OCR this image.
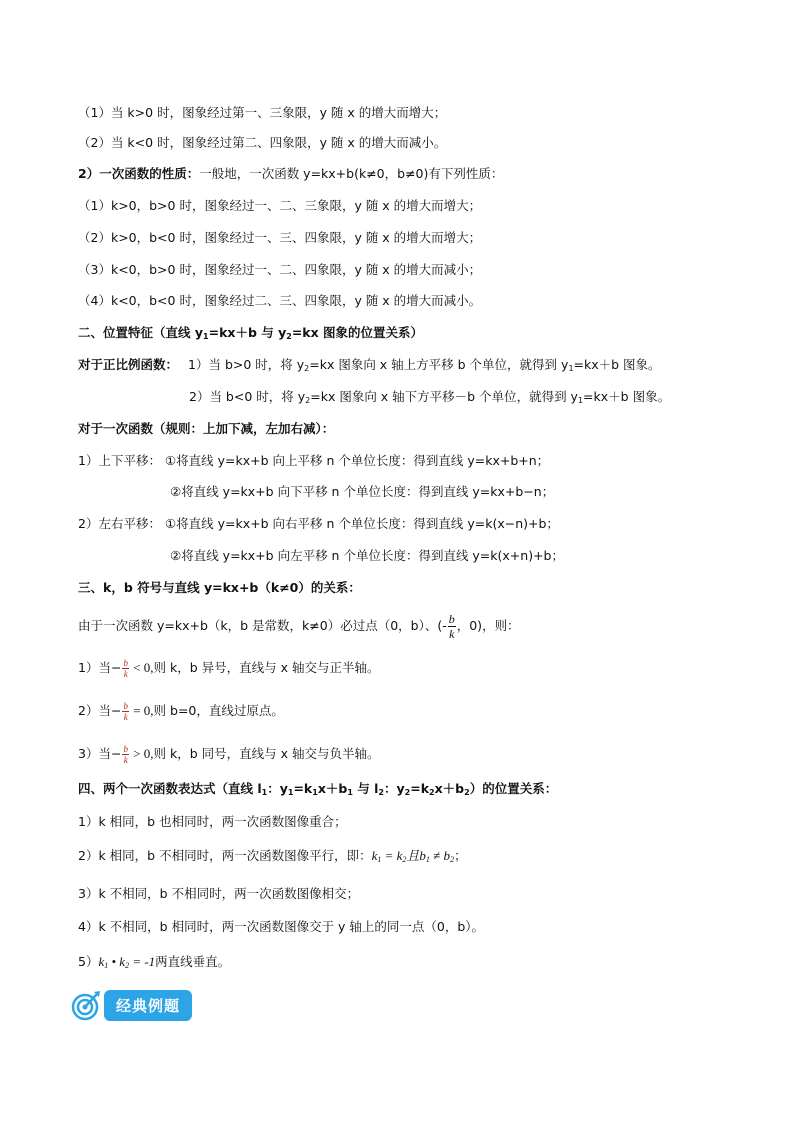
（1）当 k>0 时，图象经过第一、三象限，y 随 x 的增大而增大；
（2）当 k<0 时，图象经过第二、四象限，y 随 x 的增大而减小。
2）一次函数的性质：一般地，一次函数 y=kx+b(k≠0，b≠0)有下列性质：
（1）k>0，b>0 时，图象经过一、二、三象限，y 随 x 的增大而增大；
（2）k>0，b<0 时，图象经过一、三、四象限，y 随 x 的增大而增大；
（3）k<0，b>0 时，图象经过一、二、四象限，y 随 x 的增大而减小；
（4）k<0，b<0 时，图象经过二、三、四象限，y 随 x 的增大而减小。
二、位置特征（直线 $y_1=kx+b$ 与 $y_2=kx$ 图象的位置关系）
对于正比例函数： 1）当 b>0 时，将 $y_2=kx$ 图象向 x 轴上方平移 b 个单位，就得到 $y_1=kx+b$ 图象。
2）当 b<0 时，将 $y_2=kx$ 图象向 x 轴下方平移－b 个单位，就得到 $y_1=kx+b$ 图象。
对于一次函数（规则：上加下减，左加右减）：
1）上下平移： ①将直线 y=kx+b 向上平移 n 个单位长度：得到直线 y=kx+b+n；
②将直线 y=kx+b 向下平移 n 个单位长度：得到直线 y=kx+b−n；
2）左右平移： ①将直线 y=kx+b 向右平移 n 个单位长度：得到直线 y=k(x−n)+b；
②将直线 y=kx+b 向左平移 n 个单位长度：得到直线 y=k(x+n)+b；
三、k，b 符号与直线 y=kx+b（k≠0）的关系：
由于一次函数 y=kx+b（k，b 是常数，k≠0）必过点（0，b）、(- $\frac{b}{k}$ ，0)，则：
1）当− $\frac{b}{k} < 0$,则 k，b 异号，直线与 x 轴交与正半轴。
2）当− $\frac{b}{k} = 0$,则 b=0，直线过原点。
3）当− $\frac{b}{k} > 0$,则 k，b 同号，直线与 x 轴交与负半轴。
四、两个一次函数表达式（直线 $l_1$：$y_1=k_1x+b_1$ 与 $l_2$：$y_2=k_2x+b_2$）的位置关系：
1）k 相同，b 也相同时，两一次函数图像重合；
2）k 相同，b 不相同时，两一次函数图像平行，即：$k_1 = k_2$且$b_1 \ne b_2$；
3）k 不相同，b 不相同时，两一次函数图像相交；
4）k 不相同，b 相同时，两一次函数图像交于 y 轴上的同一点（0，b）。
$5)k_1$ • $k_2 = -1$两直线垂直。
经典例题
